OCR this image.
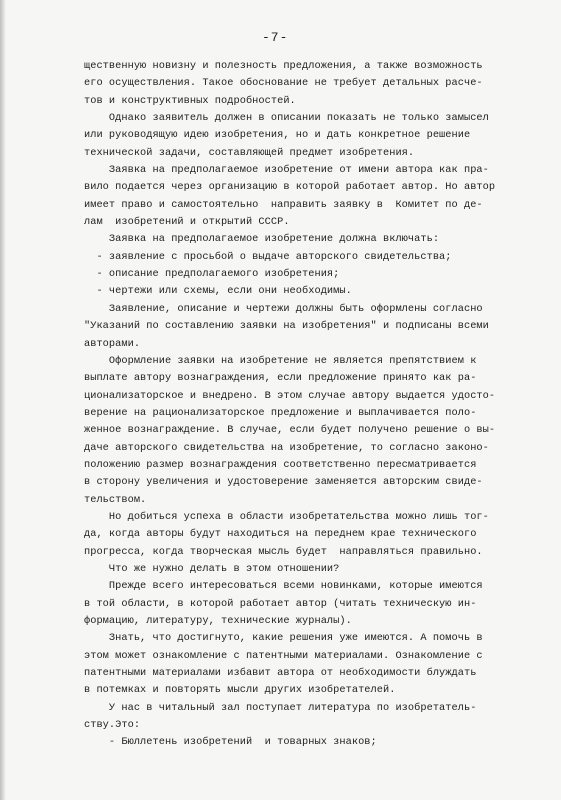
-7-
щественную новизну и полезность предложения, а также возможность
его осуществления. Такое обоснование не требует детальных расче-
тов и конструктивных подробностей.
Однако заявитель должен в описании показать не только замысел
или руководящую идею изобретения, но и дать конкретное решение
технической задачи, составляющей предмет изобретения.
Заявка на предполагаемое изобретение от имени автора как пра-
вило подается через организацию в которой работает автор. Но автор
имеет право и самостоятельно  направить заявку в  Комитет по де-
лам  изобретений и открытий СССР.
Заявка на предполагаемое изобретение должна включать:
- заявление с просьбой о выдаче авторского свидетельства;
- описание предполагаемого изобретения;
- чертежи или схемы, если они необходимы.
Заявление, описание и чертежи должны быть оформлены согласно
"Указаний по составлению заявки на изобретения" и подписаны всеми
авторами.
Оформление заявки на изобретение не является препятствием к
выплате автору вознаграждения, если предложение принято как ра-
ционализаторское и внедрено. В этом случае автору выдается удосто-
верение на рационализаторское предложение и выплачивается поло-
женное вознаграждение. В случае, если будет получено решение о вы-
даче авторского свидетельства на изобретение, то согласно законо-
положению размер вознаграждения соответственно пересматривается
в сторону увеличения и удостоверение заменяется авторским свиде-
тельством.
Но добиться успеха в области изобретательства можно лишь тог-
да, когда авторы будут находиться на переднем крае технического
прогресса, когда творческая мысль будет  направляться правильно.
Что же нужно делать в этом отношении?
Прежде всего интересоваться всеми новинками, которые имеются
в той области, в которой работает автор (читать техническую ин-
формацию, литературу, технические журналы).
Знать, что достигнуто, какие решения уже имеются. А помочь в
этом может ознакомление с патентными материалами. Ознакомление с
патентными материалами избавит автора от необходимости блуждать
в потемках и повторять мысли других изобретателей.
У нас в читальный зал поступает литература по изобретатель-
ству.Это:
- Бюллетень изобретений  и товарных знаков;
